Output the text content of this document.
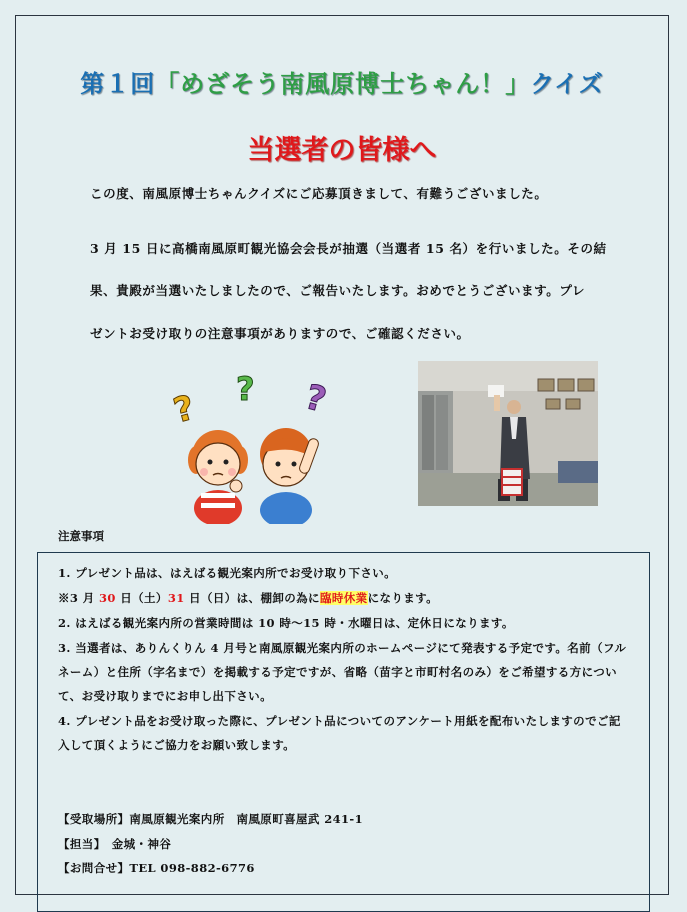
第１回「めざそう南風原博士ちゃん！」クイズ
当選者の皆様へ
この度、南風原博士ちゃんクイズにご応募頂きまして、有難うございました。
3 月 15 日に高橋南風原町観光協会会長が抽選（当選者 15 名）を行いました。その結
果、貴殿が当選いたしましたので、ご報告いたします。おめでとうございます。プレ
ゼントお受け取りの注意事項がありますので、ご確認ください。
? ? ?
注意事項
1. プレゼント品は、はえばる観光案内所でお受け取り下さい。
※3 月 30 日（土）31 日（日）は、棚卸の為に臨時休業になります。
2. はえばる観光案内所の営業時間は 10 時～15 時・水曜日は、定休日になります。
3. 当選者は、ありんくりん 4 月号と南風原観光案内所のホームページにて発表する予定です。名前（フル
ネーム）と住所（字名まで）を掲載する予定ですが、省略（苗字と市町村名のみ）をご希望する方につい
て、お受け取りまでにお申し出下さい。
4. プレゼント品をお受け取った際に、プレゼント品についてのアンケート用紙を配布いたしますのでご記
入して頂くようにご協力をお願い致します。
【受取場所】南風原観光案内所　南風原町喜屋武 241-1
【担当】　金城・神谷
【お問合せ】TEL 098-882-6776
